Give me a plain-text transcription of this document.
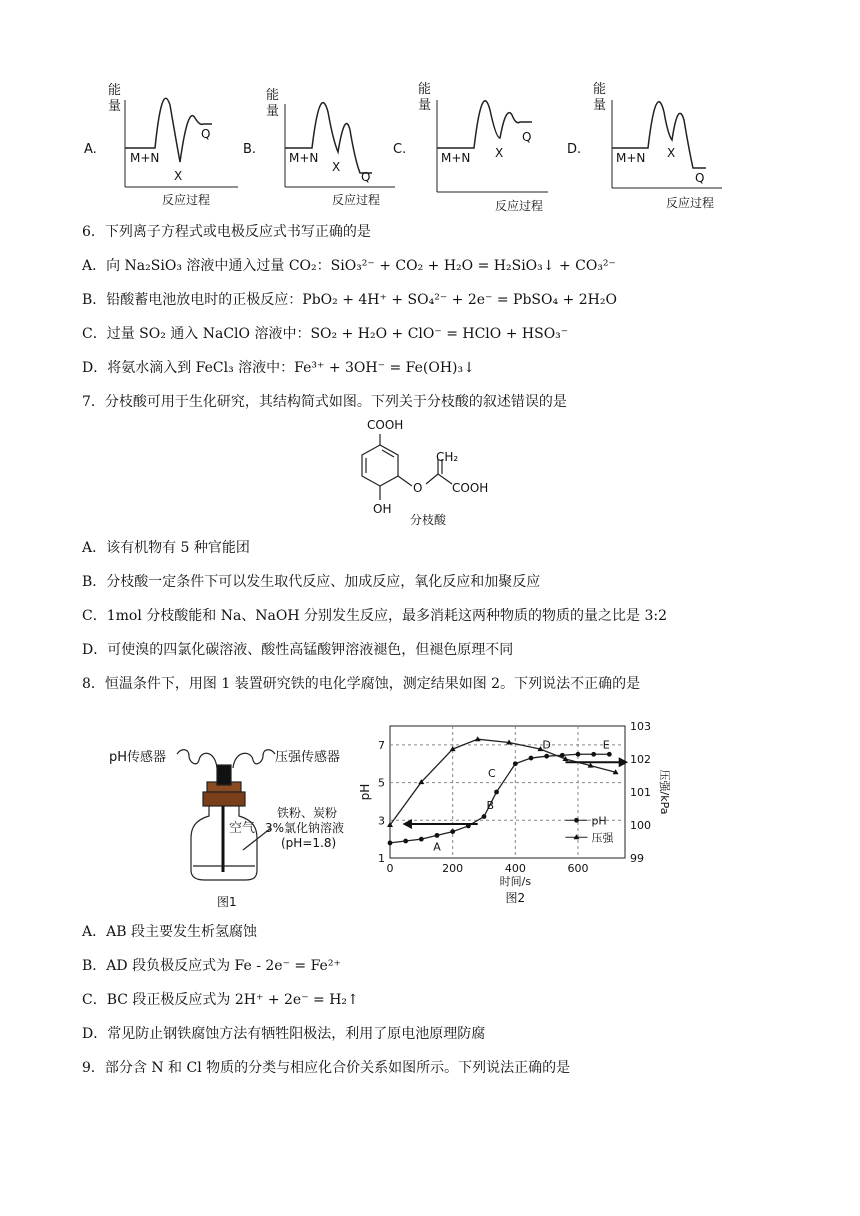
A.
能
量
M+N
X
Q
反应过程
B.
能
量
M+N
X
Q
反应过程
C.
能
量
M+N X
Q
反应过程
D.
能
量
M+N X
Q
反应过程
6．下列离子方程式或电极反应式书写正确的是
A．向 Na₂SiO₃ 溶液中通入过量 CO₂：SiO₃²⁻ + CO₂ + H₂O = H₂SiO₃↓ + CO₃²⁻
B．铅酸蓄电池放电时的正极反应：PbO₂ + 4H⁺ + SO₄²⁻ + 2e⁻ = PbSO₄ + 2H₂O
C．过量 SO₂ 通入 NaClO 溶液中：SO₂ + H₂O + ClO⁻ = HClO + HSO₃⁻
D．将氨水滴入到 FeCl₃ 溶液中：Fe³⁺ + 3OH⁻ = Fe(OH)₃↓
7．分枝酸可用于生化研究，其结构简式如图。下列关于分枝酸的叙述错误的是
COOH
CH₂
O COOH
OH
分枝酸
A．该有机物有 5 种官能团
B．分枝酸一定条件下可以发生取代反应、加成反应，氧化反应和加聚反应
C．1mol 分枝酸能和 Na、NaOH 分别发生反应，最多消耗这两种物质的物质的量之比是 3:2
D．可使溴的四氯化碳溶液、酸性高锰酸钾溶液褪色，但褪色原理不同
8．恒温条件下，用图 1 装置研究铁的电化学腐蚀，测定结果如图 2。下列说法不正确的是
pH传感器	压强传感器
空气
铁粉、炭粉
3%氯化钠溶液
(pH=1.8)
图1
0	200	400	600
1
3
5
7
99
100
101
102
103
时间/s
pH	压强/kPa
A
B
C
D	E
pH
压强
图2
A．AB 段主要发生析氢腐蚀
B．AD 段负极反应式为 Fe - 2e⁻ = Fe²⁺
C．BC 段正极反应式为 2H⁺ + 2e⁻ = H₂↑
D．常见防止钢铁腐蚀方法有牺牲阳极法，利用了原电池原理防腐
9．部分含 N 和 Cl 物质的分类与相应化合价关系如图所示。下列说法正确的是
